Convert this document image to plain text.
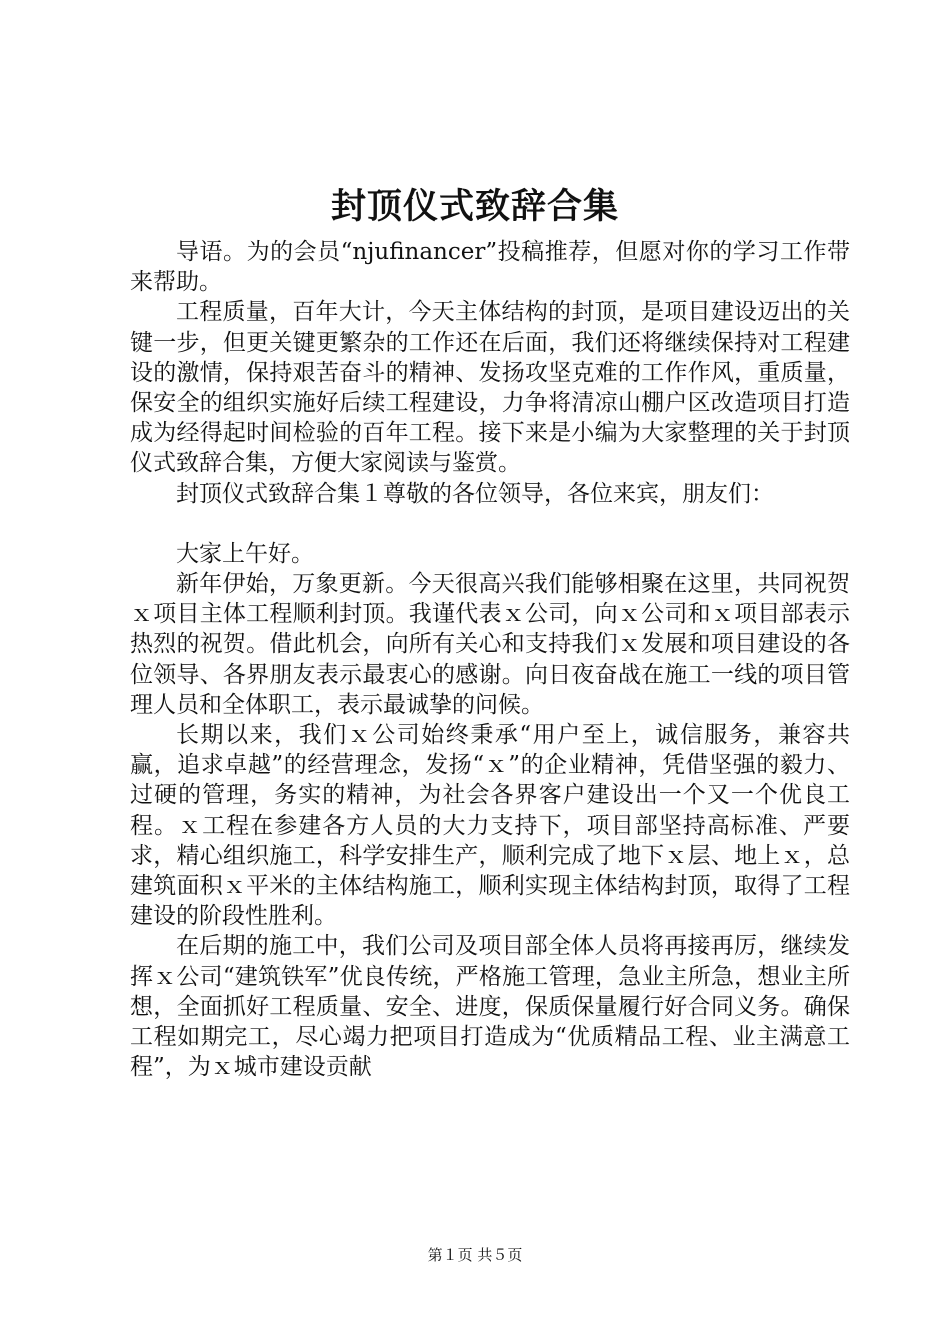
封顶仪式致辞合集

导语。为的会员“njufinancer”投稿推荐，但愿对你的学习工作带来帮助。

工程质量，百年大计，今天主体结构的封顶，是项目建设迈出的关键一步，但更关键更繁杂的工作还在后面，我们还将继续保持对工程建设的激情，保持艰苦奋斗的精神、发扬攻坚克难的工作作风，重质量，保安全的组织实施好后续工程建设，力争将清凉山棚户区改造项目打造成为经得起时间检验的百年工程。接下来是小编为大家整理的关于封顶仪式致辞合集，方便大家阅读与鉴赏。

封顶仪式致辞合集１尊敬的各位领导，各位来宾，朋友们：

大家上午好。

新年伊始，万象更新。今天很高兴我们能够相聚在这里，共同祝贺ｘ项目主体工程顺利封顶。我谨代表ｘ公司，向ｘ公司和ｘ项目部表示热烈的祝贺。借此机会，向所有关心和支持我们ｘ发展和项目建设的各位领导、各界朋友表示最衷心的感谢。向日夜奋战在施工一线的项目管理人员和全体职工，表示最诚挚的问候。

长期以来，我们ｘ公司始终秉承“用户至上，诚信服务，兼容共赢，追求卓越”的经营理念，发扬“ｘ”的企业精神，凭借坚强的毅力、过硬的管理，务实的精神，为社会各界客户建设出一个又一个优良工程。ｘ工程在参建各方人员的大力支持下，项目部坚持高标准、严要求，精心组织施工，科学安排生产，顺利完成了地下ｘ层、地上ｘ，总建筑面积ｘ平米的主体结构施工，顺利实现主体结构封顶，取得了工程建设的阶段性胜利。

在后期的施工中，我们公司及项目部全体人员将再接再厉，继续发挥ｘ公司“建筑铁军”优良传统，严格施工管理，急业主所急，想业主所想，全面抓好工程质量、安全、进度，保质保量履行好合同义务。确保工程如期完工，尽心竭力把项目打造成为“优质精品工程、业主满意工程”，为ｘ城市建设贡献

第１页 共５页
